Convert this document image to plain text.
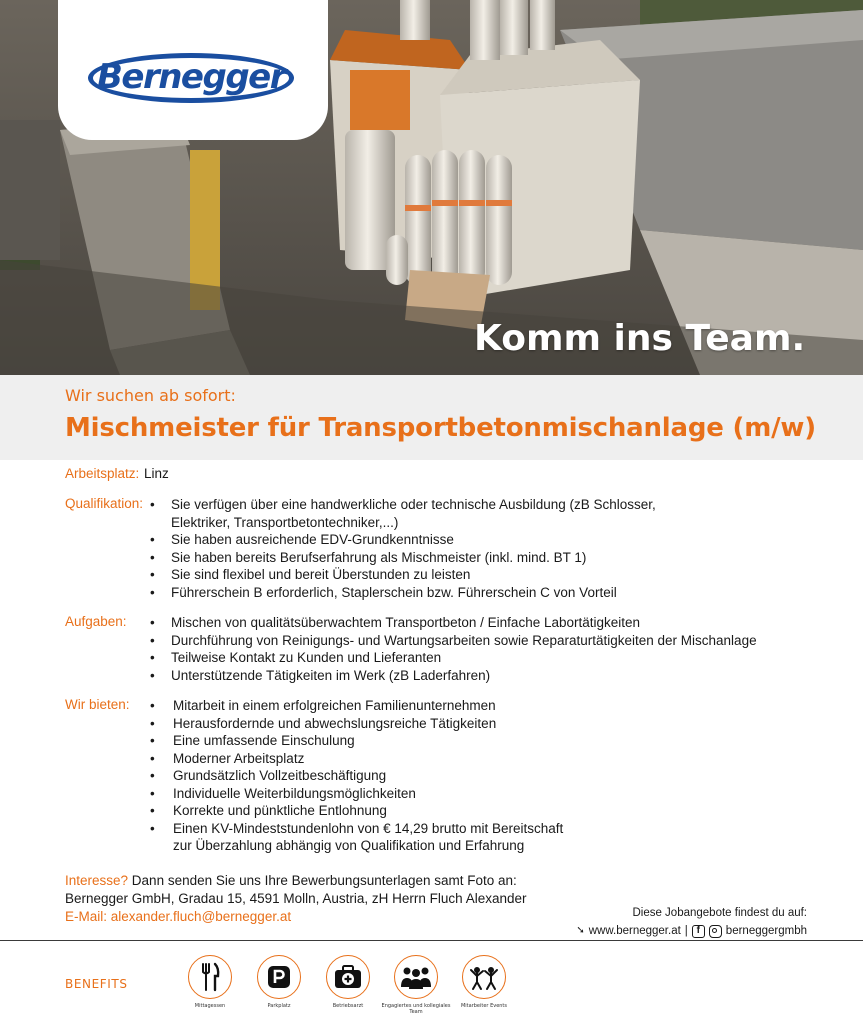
Bernegger
Komm ins Team.
Wir suchen ab sofort:
Mischmeister für Transportbetonmischanlage (m/w)
Arbeitsplatz: Linz
Qualifikation: • Sie verfügen über eine handwerkliche oder technische Ausbildung (zB Schlosser,
Elektriker, Transportbetontechniker,...)
• Sie haben ausreichende EDV-Grundkenntnisse
• Sie haben bereits Berufserfahrung als Mischmeister (inkl. mind. BT 1)
• Sie sind flexibel und bereit Überstunden zu leisten
• Führerschein B erforderlich, Staplerschein bzw. Führerschein C von Vorteil
Aufgaben:	• Mischen von qualitätsüberwachtem Transportbeton / Einfache Labortätigkeiten
• Durchführung von Reinigungs- und Wartungsarbeiten sowie Reparaturtätigkeiten der Mischanlage
• Teilweise Kontakt zu Kunden und Lieferanten
• Unterstützende Tätigkeiten im Werk (zB Laderfahren)
Wir bieten:	• Mitarbeit in einem erfolgreichen Familienunternehmen
• Herausfordernde und abwechslungsreiche Tätigkeiten
• Eine umfassende Einschulung
• Moderner Arbeitsplatz
• Grundsätzlich Vollzeitbeschäftigung
• Individuelle Weiterbildungsmöglichkeiten
• Korrekte und pünktliche Entlohnung
• Einen KV-Mindeststundenlohn von € 14,29 brutto mit Bereitschaft
zur Überzahlung abhängig von Qualifikation und Erfahrung
Interesse? Dann senden Sie uns Ihre Bewerbungsunterlagen samt Foto an:
Bernegger GmbH, Gradau 15, 4591 Molln, Austria, zH Herrn Fluch Alexander
E-Mail: alexander.fluch@bernegger.at	Diese Jobangebote findest du auf:
➘ www.bernegger.at | f	berneggergmbh
BENEFITS
Mittagessen	Parkplatz	Betriebsarzt	Engagiertes und kollegiales Team
Mitarbeiter Events
